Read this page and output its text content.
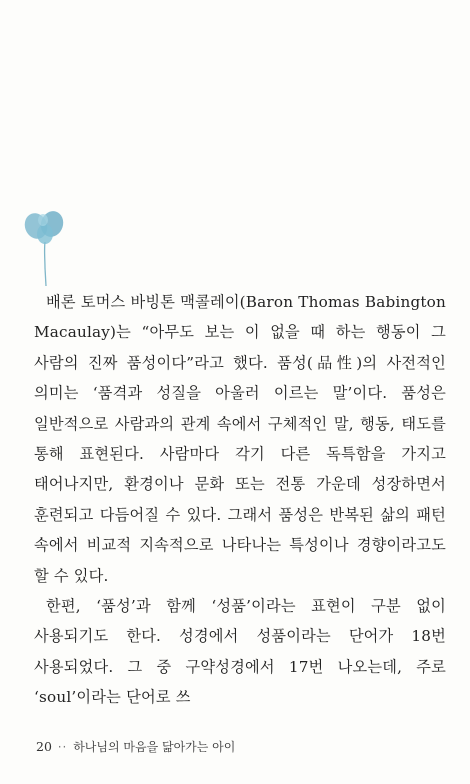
배론 토머스 바빙톤 맥콜레이(Baron Thomas Babington Macaulay)는 “아무도 보는 이 없을 때 하는 행동이 그 사람의 진짜 품성이다”라고 했다. 품성(品性)의 사전적인 의미는 ‘품격과 성질을 아울러 이르는 말’이다. 품성은 일반적으로 사람과의 관계 속에서 구체적인 말, 행동, 태도를 통해 표현된다. 사람마다 각기 다른 독특함을 가지고 태어나지만, 환경이나 문화 또는 전통 가운데 성장하면서 훈련되고 다듬어질 수 있다. 그래서 품성은 반복된 삶의 패턴 속에서 비교적 지속적으로 나타나는 특성이나 경향이라고도 할 수 있다.

한편, ‘품성’과 함께 ‘성품’이라는 표현이 구분 없이 사용되기도 한다. 성경에서 성품이라는 단어가 18번 사용되었다. 그 중 구약성경에서 17번 나오는데, 주로 ‘soul’이라는 단어로 쓰

20 ·· 하나님의 마음을 닮아가는 아이
